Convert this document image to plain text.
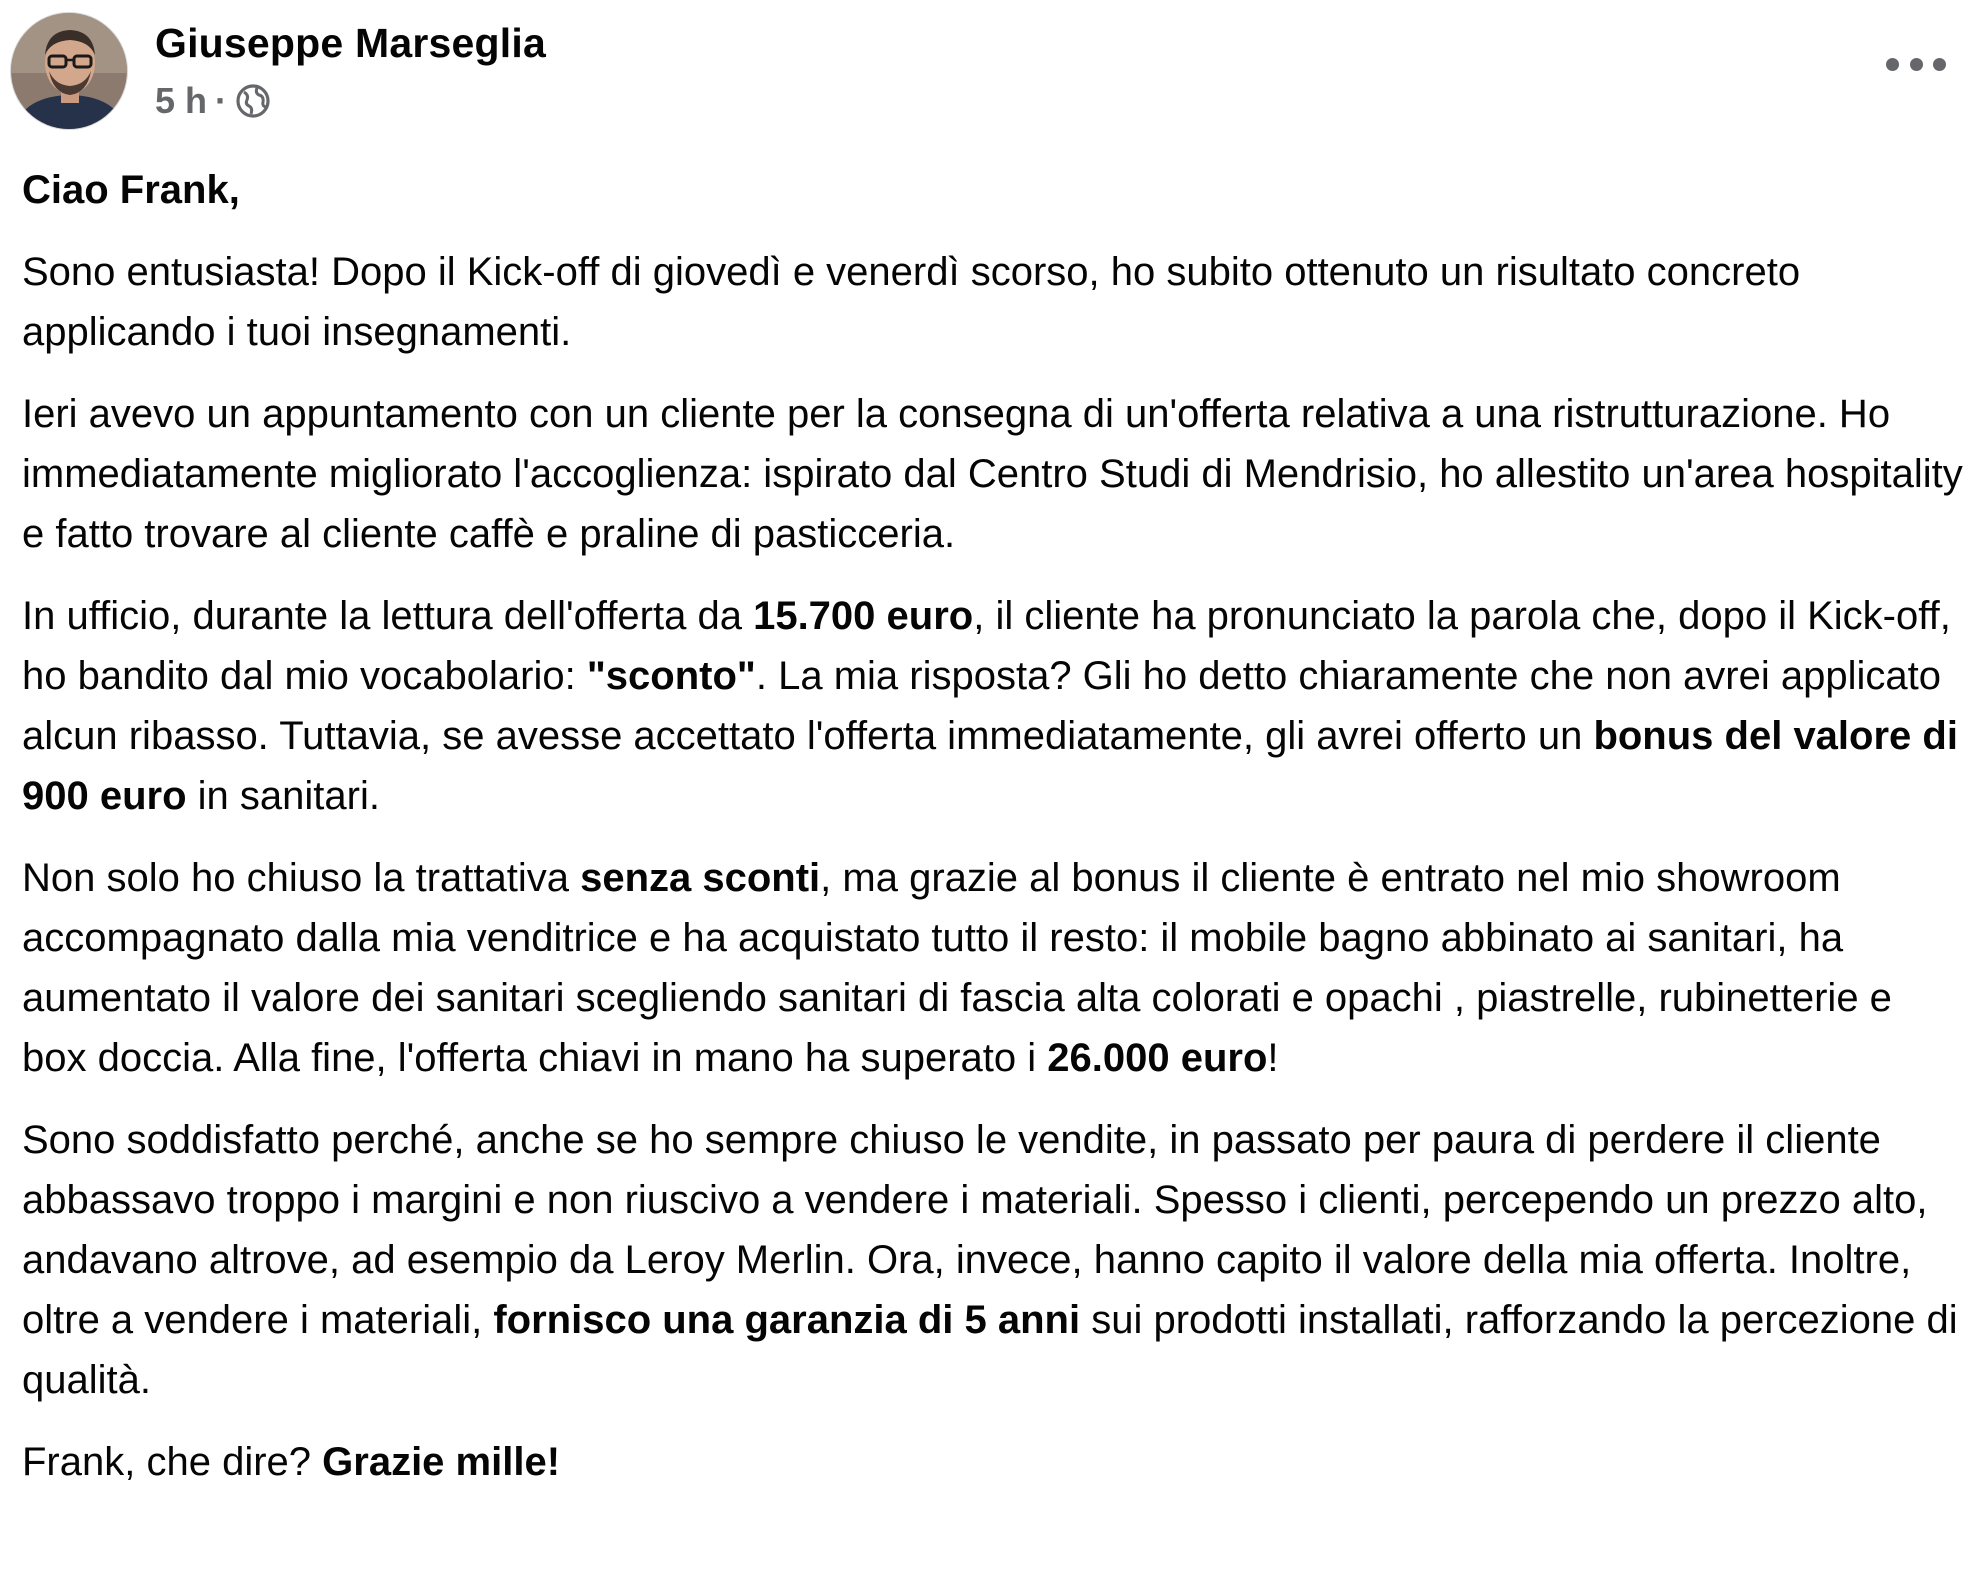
Giuseppe Marseglia
5 h ·

Ciao Frank,

Sono entusiasta! Dopo il Kick-off di giovedì e venerdì scorso, ho subito ottenuto un risultato concreto applicando i tuoi insegnamenti.

Ieri avevo un appuntamento con un cliente per la consegna di un'offerta relativa a una ristrutturazione. Ho immediatamente migliorato l'accoglienza: ispirato dal Centro Studi di Mendrisio, ho allestito un'area hospitality e fatto trovare al cliente caffè e praline di pasticceria.

In ufficio, durante la lettura dell'offerta da 15.700 euro, il cliente ha pronunciato la parola che, dopo il Kick-off, ho bandito dal mio vocabolario: "sconto". La mia risposta? Gli ho detto chiaramente che non avrei applicato alcun ribasso. Tuttavia, se avesse accettato l'offerta immediatamente, gli avrei offerto un bonus del valore di 900 euro in sanitari.

Non solo ho chiuso la trattativa senza sconti, ma grazie al bonus il cliente è entrato nel mio showroom accompagnato dalla mia venditrice e ha acquistato tutto il resto: il mobile bagno abbinato ai sanitari, ha aumentato il valore dei sanitari scegliendo sanitari di fascia alta colorati e opachi , piastrelle, rubinetterie e box doccia. Alla fine, l'offerta chiavi in mano ha superato i 26.000 euro!

Sono soddisfatto perché, anche se ho sempre chiuso le vendite, in passato per paura di perdere il cliente abbassavo troppo i margini e non riuscivo a vendere i materiali. Spesso i clienti, percependo un prezzo alto, andavano altrove, ad esempio da Leroy Merlin. Ora, invece, hanno capito il valore della mia offerta. Inoltre, oltre a vendere i materiali, fornisco una garanzia di 5 anni sui prodotti installati, rafforzando la percezione di qualità.

Frank, che dire? Grazie mille!
